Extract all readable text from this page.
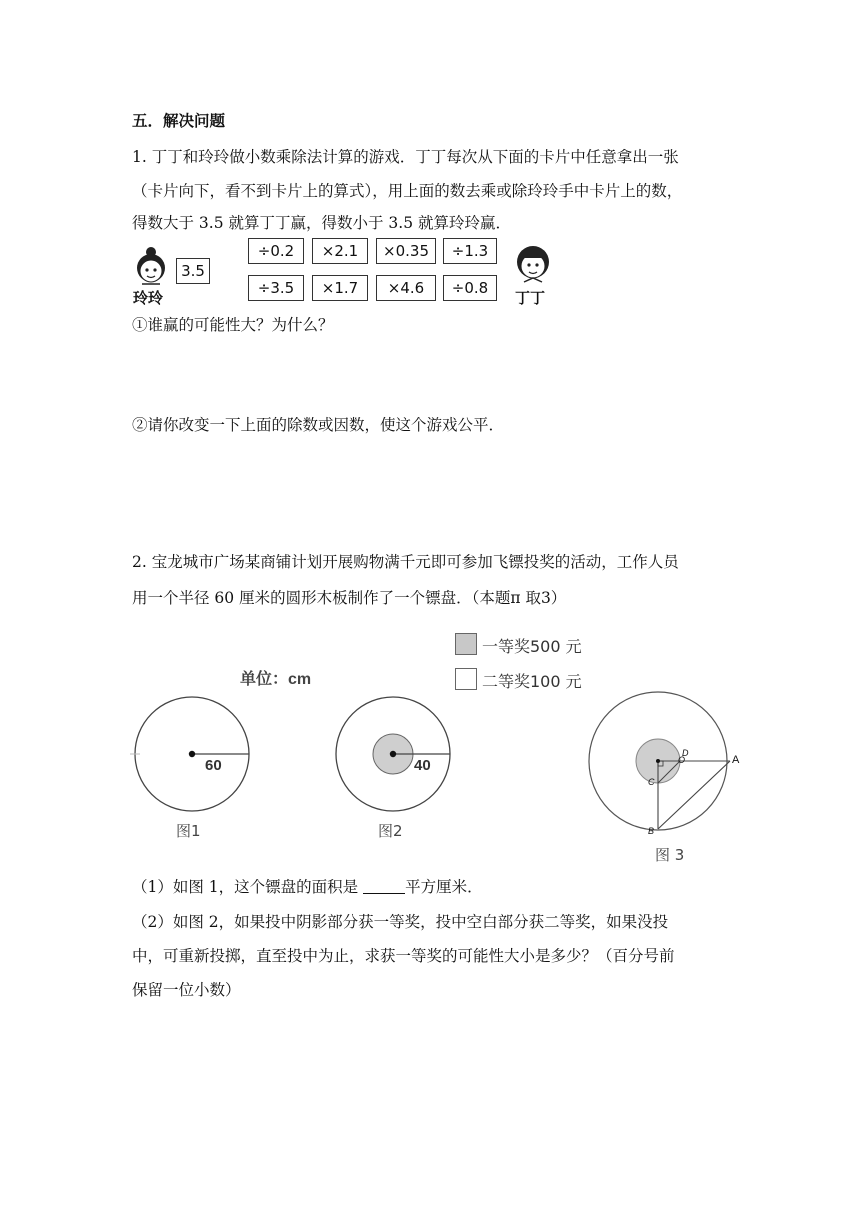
五．解决问题
1. 丁丁和玲玲做小数乘除法计算的游戏．丁丁每次从下面的卡片中任意拿出一张
（卡片向下，看不到卡片上的算式），用上面的数去乘或除玲玲手中卡片上的数，
得数大于 3.5 就算丁丁赢，得数小于 3.5 就算玲玲赢．
玲玲
3.5
÷0.2	×2.1	×0.35	÷1.3
÷3.5	×1.7	×4.6	÷0.8
丁丁
①谁赢的可能性大？为什么？
②请你改变一下上面的除数或因数，使这个游戏公平．
2. 宝龙城市广场某商铺计划开展购物满千元即可参加飞镖投奖的活动，工作人员
用一个半径 60 厘米的圆形木板制作了一个镖盘．（本题π 取3）
一等奖500 元
二等奖100 元
单位：cm
60
图1
40
图2
O
D
A
C
B
图 3
（1）如图 1，这个镖盘的面积是	平方厘米．
（2）如图 2，如果投中阴影部分获一等奖，投中空白部分获二等奖，如果没投
中，可重新投掷，直至投中为止，求获一等奖的可能性大小是多少？（百分号前
保留一位小数）
